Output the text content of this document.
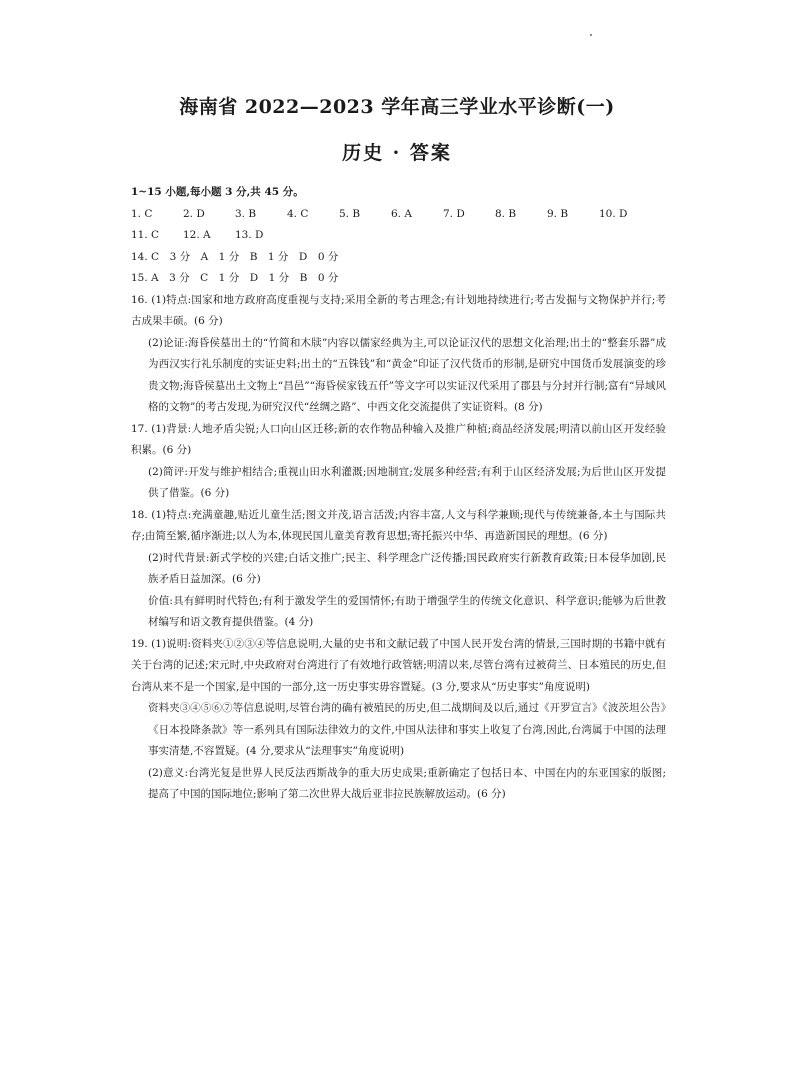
海南省 2022—2023 学年高三学业水平诊断(一)
历史 · 答案
1~15 小题,每小题 3 分,共 45 分。
1. C	2. D	3. B	4. C	5. B	6. A	7. D	8. B	9. B	10. D
11. C	12. A	13. D
14. C　3 分　A　1 分　B　1 分　D　0 分
15. A　3 分　C　1 分　D　1 分　B　0 分
16. (1)特点:国家和地方政府高度重视与支持;采用全新的考古理念;有计划地持续进行;考古发掘与文物保护并行;考古成果丰硕。(6 分)
(2)论证:海昏侯墓出土的“竹简和木牍”内容以儒家经典为主,可以论证汉代的思想文化治理;出土的“整套乐器”成为西汉实行礼乐制度的实证史料;出土的“五铢钱”和“黄金”印证了汉代货币的形制,是研究中国货币发展演变的珍贵文物;海昏侯墓出土文物上“昌邑”“海昏侯家钱五仟”等文字可以实证汉代采用了郡县与分封并行制;富有“异域风格的文物”的考古发现,为研究汉代“丝绸之路”、中西文化交流提供了实证资料。(8 分)
17. (1)背景:人地矛盾尖锐;人口向山区迁移;新的农作物品种输入及推广种植;商品经济发展;明清以前山区开发经验积累。(6 分)
(2)简评:开发与维护相结合;重视山田水利灌溉;因地制宜;发展多种经营;有利于山区经济发展;为后世山区开发提供了借鉴。(6 分)
18. (1)特点:充满童趣,贴近儿童生活;图文并茂,语言活泼;内容丰富,人文与科学兼顾;现代与传统兼备,本土与国际共存;由简至繁,循序渐进;以人为本,体现民国儿童美育教育思想;寄托振兴中华、再造新国民的理想。(6 分)
(2)时代背景:新式学校的兴建;白话文推广;民主、科学理念广泛传播;国民政府实行新教育政策;日本侵华加剧,民族矛盾日益加深。(6 分)
价值:具有鲜明时代特色;有利于激发学生的爱国情怀;有助于增强学生的传统文化意识、科学意识;能够为后世教材编写和语文教育提供借鉴。(4 分)
19. (1)说明:资料夹①②③④等信息说明,大量的史书和文献记载了中国人民开发台湾的情景,三国时期的书籍中就有关于台湾的记述;宋元时,中央政府对台湾进行了有效地行政管辖;明清以来,尽管台湾有过被荷兰、日本殖民的历史,但台湾从来不是一个国家,是中国的一部分,这一历史事实毋容置疑。(3 分,要求从“历史事实”角度说明)
资料夹③④⑤⑥⑦等信息说明,尽管台湾的确有被殖民的历史,但二战期间及以后,通过《开罗宣言》《波茨坦公告》《日本投降条款》等一系列具有国际法律效力的文件,中国从法律和事实上收复了台湾,因此,台湾属于中国的法理事实清楚,不容置疑。(4 分,要求从“法理事实”角度说明)
(2)意义:台湾光复是世界人民反法西斯战争的重大历史成果;重新确定了包括日本、中国在内的东亚国家的版图;提高了中国的国际地位;影响了第二次世界大战后亚非拉民族解放运动。(6 分)
